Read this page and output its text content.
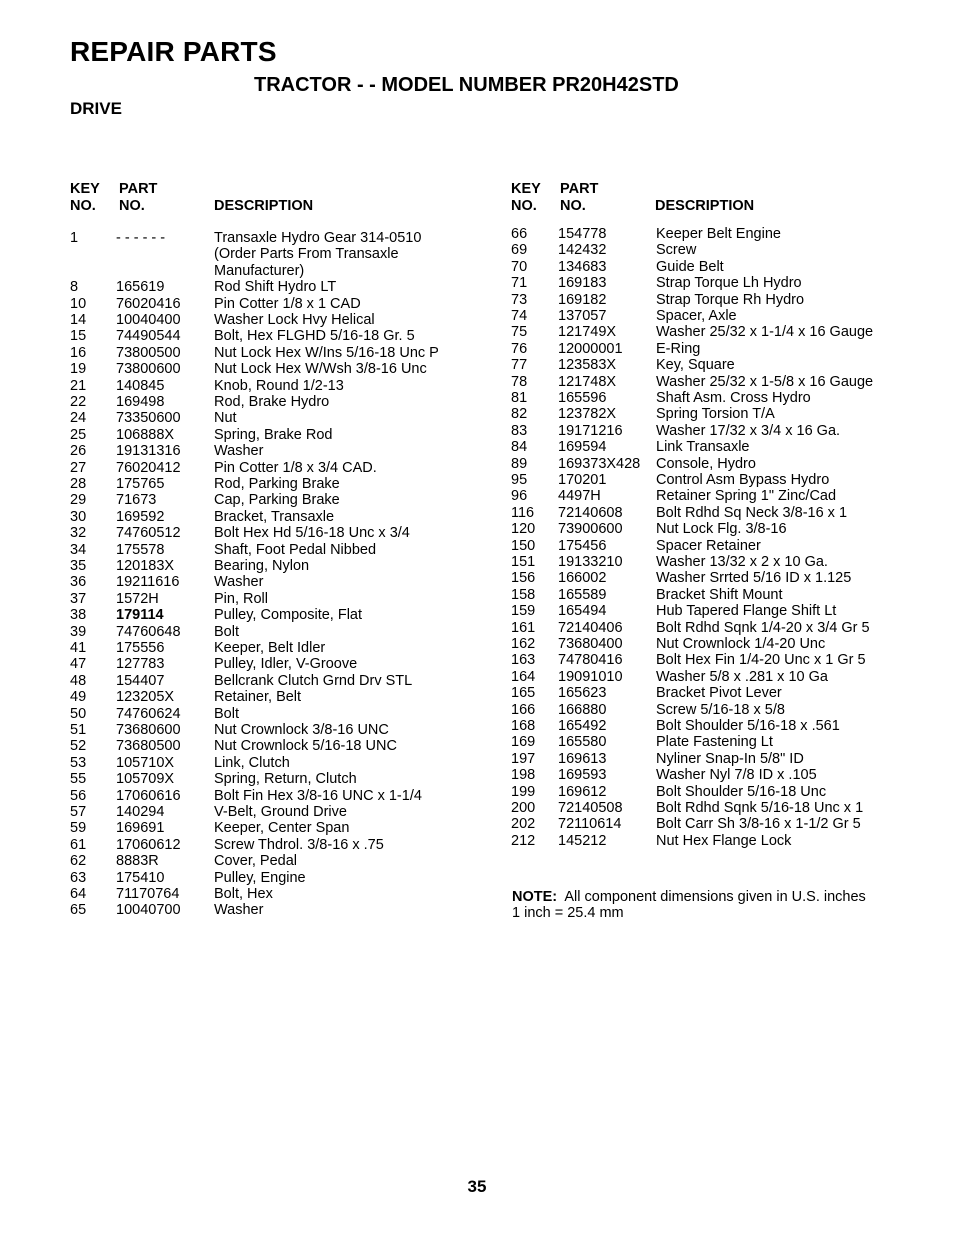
REPAIR PARTS
TRACTOR - - MODEL NUMBER PR20H42STD
DRIVE
KEY
NO.
PART
NO.	DESCRIPTION
KEY
NO.
PART
NO.	DESCRIPTION
1	- - - - - -	Transaxle Hydro Gear 314-0510
(Order Parts From Transaxle
Manufacturer)
8	165619	Rod Shift Hydro LT
10 76020416 Pin Cotter 1/8 x 1 CAD
14 10040400 Washer Lock Hvy Helical
15 74490544 Bolt, Hex FLGHD 5/16-18 Gr. 5
16 73800500 Nut Lock Hex W/Ins 5/16-18 Unc P
19 73800600 Nut Lock Hex W/Wsh 3/8-16 Unc
21 140845	Knob, Round 1/2-13
22 169498	Rod, Brake Hydro
24 73350600 Nut
25 106888X	Spring, Brake Rod
26 19131316 Washer
27 76020412 Pin Cotter 1/8 x 3/4 CAD.
28 175765	Rod, Parking Brake
29 71673	Cap, Parking Brake
30 169592	Bracket, Transaxle
32 74760512 Bolt Hex Hd 5/16-18 Unc x 3/4
34 175578	Shaft, Foot Pedal Nibbed
35 120183X	Bearing, Nylon
36 19211616 Washer
37 1572H	Pin, Roll
38 179114	Pulley, Composite, Flat
39 74760648 Bolt
41 175556	Keeper, Belt Idler
47 127783	Pulley, Idler, V-Groove
48 154407	Bellcrank Clutch Grnd Drv STL
49 123205X	Retainer, Belt
50 74760624 Bolt
51 73680600 Nut Crownlock 3/8-16 UNC
52 73680500 Nut Crownlock 5/16-18 UNC
53 105710X	Link, Clutch
55 105709X	Spring, Return, Clutch
56 17060616 Bolt Fin Hex 3/8-16 UNC x 1-1/4
57 140294	V-Belt, Ground Drive
59 169691	Keeper, Center Span
61 17060612 Screw Thdrol. 3/8-16 x .75
62 8883R	Cover, Pedal
63 175410	Pulley, Engine
64 71170764 Bolt, Hex
65 10040700 Washer
66 154778	Keeper Belt Engine
69 142432	Screw
70 134683	Guide Belt
71 169183	Strap Torque Lh Hydro
73 169182	Strap Torque Rh Hydro
74 137057	Spacer, Axle
75 121749X	Washer 25/32 x 1-1/4 x 16 Gauge
76 12000001 E-Ring
77 123583X	Key, Square
78 121748X	Washer 25/32 x 1-5/8 x 16 Gauge
81 165596	Shaft Asm. Cross Hydro
82 123782X	Spring Torsion T/A
83 19171216 Washer 17/32 x 3/4 x 16 Ga.
84 169594	Link Transaxle
89 169373X428 Console, Hydro
95 170201	Control Asm Bypass Hydro
96 4497H	Retainer Spring 1" Zinc/Cad
116 72140608 Bolt Rdhd Sq Neck 3/8-16 x 1
120 73900600 Nut Lock Flg. 3/8-16
150 175456	Spacer Retainer
151 19133210 Washer 13/32 x 2 x 10 Ga.
156 166002	Washer Srrted 5/16 ID x 1.125
158 165589	Bracket Shift Mount
159 165494	Hub Tapered Flange Shift Lt
161 72140406 Bolt Rdhd Sqnk 1/4-20 x 3/4 Gr 5
162 73680400 Nut Crownlock 1/4-20 Unc
163 74780416 Bolt Hex Fin 1/4-20 Unc x 1 Gr 5
164 19091010 Washer 5/8 x .281 x 10 Ga
165 165623	Bracket Pivot Lever
166 166880	Screw 5/16-18 x 5/8
168 165492	Bolt Shoulder 5/16-18 x .561
169 165580	Plate Fastening Lt
197 169613	Nyliner Snap-In 5/8" ID
198 169593	Washer Nyl 7/8 ID x .105
199 169612	Bolt Shoulder 5/16-18 Unc
200 72140508 Bolt Rdhd Sqnk 5/16-18 Unc x 1
202 72110614 Bolt Carr Sh 3/8-16 x 1-1/2 Gr 5
212 145212	Nut Hex Flange Lock
NOTE: All component dimensions given in U.S. inches
1 inch = 25.4 mm
35
